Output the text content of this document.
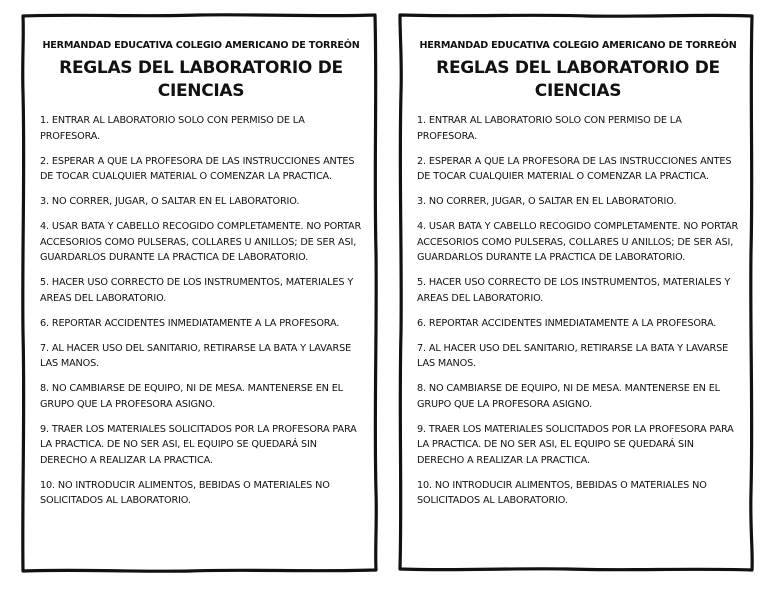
HERMANDAD EDUCATIVA COLEGIO AMERICANO DE TORREÓN
REGLAS DEL LABORATORIO DE CIENCIAS
1. ENTRAR AL LABORATORIO SOLO CON PERMISO DE LA PROFESORA.
2. ESPERAR A QUE LA PROFESORA DE LAS INSTRUCCIONES ANTES DE TOCAR CUALQUIER MATERIAL O COMENZAR LA PRACTICA.
3. NO CORRER, JUGAR, O SALTAR EN EL LABORATORIO.
4. USAR BATA Y CABELLO RECOGIDO COMPLETAMENTE. NO PORTAR ACCESORIOS COMO PULSERAS, COLLARES U ANILLOS; DE SER ASI, GUARDARLOS DURANTE LA PRACTICA DE LABORATORIO.
5. HACER USO CORRECTO DE LOS INSTRUMENTOS, MATERIALES Y AREAS DEL LABORATORIO.
6. REPORTAR ACCIDENTES INMEDIATAMENTE A LA PROFESORA.
7. AL HACER USO DEL SANITARIO, RETIRARSE LA BATA Y LAVARSE LAS MANOS.
8. NO CAMBIARSE DE EQUIPO, NI DE MESA. MANTENERSE EN EL GRUPO QUE LA PROFESORA ASIGNO.
9. TRAER LOS MATERIALES SOLICITADOS POR LA PROFESORA PARA LA PRACTICA. DE NO SER ASI, EL EQUIPO SE QUEDARÁ SIN DERECHO A REALIZAR LA PRACTICA.
10. NO INTRODUCIR ALIMENTOS, BEBIDAS O MATERIALES NO SOLICITADOS AL LABORATORIO.
HERMANDAD EDUCATIVA COLEGIO AMERICANO DE TORREÓN
REGLAS DEL LABORATORIO DE CIENCIAS
1. ENTRAR AL LABORATORIO SOLO CON PERMISO DE LA PROFESORA.
2. ESPERAR A QUE LA PROFESORA DE LAS INSTRUCCIONES ANTES DE TOCAR CUALQUIER MATERIAL O COMENZAR LA PRACTICA.
3. NO CORRER, JUGAR, O SALTAR EN EL LABORATORIO.
4. USAR BATA Y CABELLO RECOGIDO COMPLETAMENTE. NO PORTAR ACCESORIOS COMO PULSERAS, COLLARES U ANILLOS; DE SER ASI, GUARDARLOS DURANTE LA PRACTICA DE LABORATORIO.
5. HACER USO CORRECTO DE LOS INSTRUMENTOS, MATERIALES Y AREAS DEL LABORATORIO.
6. REPORTAR ACCIDENTES INMEDIATAMENTE A LA PROFESORA.
7. AL HACER USO DEL SANITARIO, RETIRARSE LA BATA Y LAVARSE LAS MANOS.
8. NO CAMBIARSE DE EQUIPO, NI DE MESA. MANTENERSE EN EL GRUPO QUE LA PROFESORA ASIGNO.
9. TRAER LOS MATERIALES SOLICITADOS POR LA PROFESORA PARA LA PRACTICA. DE NO SER ASI, EL EQUIPO SE QUEDARÁ SIN DERECHO A REALIZAR LA PRACTICA.
10. NO INTRODUCIR ALIMENTOS, BEBIDAS O MATERIALES NO SOLICITADOS AL LABORATORIO.
